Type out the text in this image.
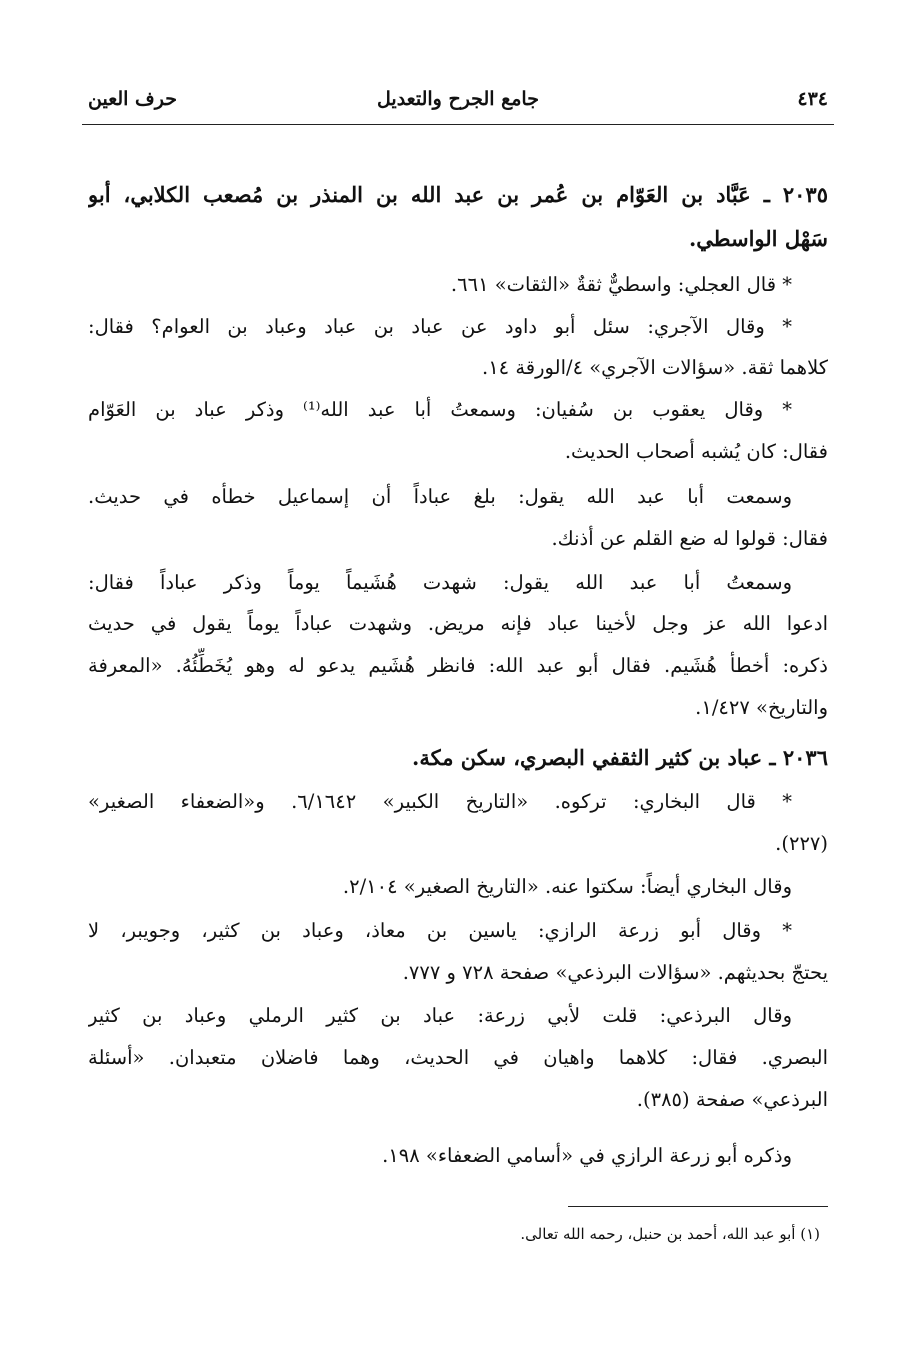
٤٣٤
جامع الجرح والتعديل
حرف العين
٢٠٣٥ ـ عَبَّاد بن العَوّام بن عُمر بن عبد الله بن المنذر بن مُصعب الكلابي، أبو
سَهْل الواسطي.
* قال العجلي: واسطيٌّ ثقةٌ «الثقات» ٦٦١.
* وقال الآجري: سئل أبو داود عن عباد بن عباد وعباد بن العوام؟ فقال:
كلاهما ثقة. «سؤالات الآجري» ٤/الورقة ١٤.
* وقال يعقوب بن سُفيان: وسمعتُ أبا عبد الله⁽¹⁾ وذكر عباد بن العَوّام
فقال: كان يُشبه أصحاب الحديث.
وسمعت أبا عبد الله يقول: بلغ عباداً أن إسماعيل خطأه في حديث.
فقال: قولوا له ضع القلم عن أذنك.
وسمعتُ أبا عبد الله يقول: شهدت هُشَيماً يوماً وذكر عباداً فقال:
ادعوا الله عز وجل لأخينا عباد فإنه مريض. وشهدت عباداً يوماً يقول في حديث
ذكره: أخطأ هُشَيم. فقال أبو عبد الله: فانظر هُشَيم يدعو له وهو يُخَطِّئُهُ. «المعرفة
والتاريخ» ١/٤٢٧.
٢٠٣٦ ـ عباد بن كثير الثقفي البصري، سكن مكة.
* قال البخاري: تركوه. «التاريخ الكبير» ٦/١٦٤٢. و«الضعفاء الصغير»
(٢٢٧).
وقال البخاري أيضاً: سكتوا عنه. «التاريخ الصغير» ٢/١٠٤.
* وقال أبو زرعة الرازي: ياسين بن معاذ، وعباد بن كثير، وجويبر، لا
يحتجّ بحديثهم. «سؤالات البرذعي» صفحة ٧٢٨ و ٧٧٧.
وقال البرذعي: قلت لأبي زرعة: عباد بن كثير الرملي وعباد بن كثير
البصري. فقال: كلاهما واهيان في الحديث، وهما فاضلان متعبدان. «أسئلة
البرذعي» صفحة (٣٨٥).
وذكره أبو زرعة الرازي في «أسامي الضعفاء» ١٩٨.
(١) أبو عبد الله، أحمد بن حنبل، رحمه الله تعالى.
